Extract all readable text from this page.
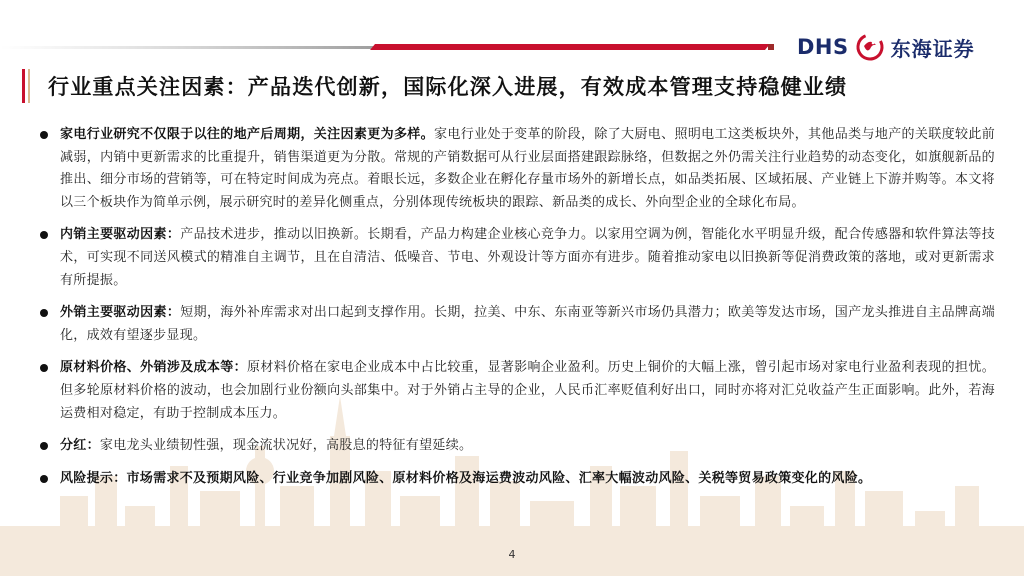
DHS 东海证券
行业重点关注因素：产品迭代创新，国际化深入进展，有效成本管理支持稳健业绩
家电行业研究不仅限于以往的地产后周期，关注因素更为多样。家电行业处于变革的阶段，除了大厨电、照明电工这类板块外，其他品类与地产的关联度较此前减弱，内销中更新需求的比重提升，销售渠道更为分散。常规的产销数据可从行业层面搭建跟踪脉络，但数据之外仍需关注行业趋势的动态变化，如旗舰新品的推出、细分市场的营销等，可在特定时间成为亮点。着眼长远，多数企业在孵化存量市场外的新增长点，如品类拓展、区域拓展、产业链上下游并购等。本文将以三个板块作为简单示例，展示研究时的差异化侧重点，分别体现传统板块的跟踪、新品类的成长、外向型企业的全球化布局。
内销主要驱动因素：产品技术进步，推动以旧换新。长期看，产品力构建企业核心竞争力。以家用空调为例，智能化水平明显升级，配合传感器和软件算法等技术，可实现不同送风模式的精准自主调节，且在自清洁、低噪音、节电、外观设计等方面亦有进步。随着推动家电以旧换新等促消费政策的落地，或对更新需求有所提振。
外销主要驱动因素：短期，海外补库需求对出口起到支撑作用。长期，拉美、中东、东南亚等新兴市场仍具潜力；欧美等发达市场，国产龙头推进自主品牌高端化，成效有望逐步显现。
原材料价格、外销涉及成本等：原材料价格在家电企业成本中占比较重，显著影响企业盈利。历史上铜价的大幅上涨，曾引起市场对家电行业盈利表现的担忧。但多轮原材料价格的波动，也会加剧行业份额向头部集中。对于外销占主导的企业，人民币汇率贬值利好出口，同时亦将对汇兑收益产生正面影响。此外，若海运费相对稳定，有助于控制成本压力。
分红：家电龙头业绩韧性强，现金流状况好，高股息的特征有望延续。
风险提示：市场需求不及预期风险、行业竞争加剧风险、原材料价格及海运费波动风险、汇率大幅波动风险、关税等贸易政策变化的风险。
4
